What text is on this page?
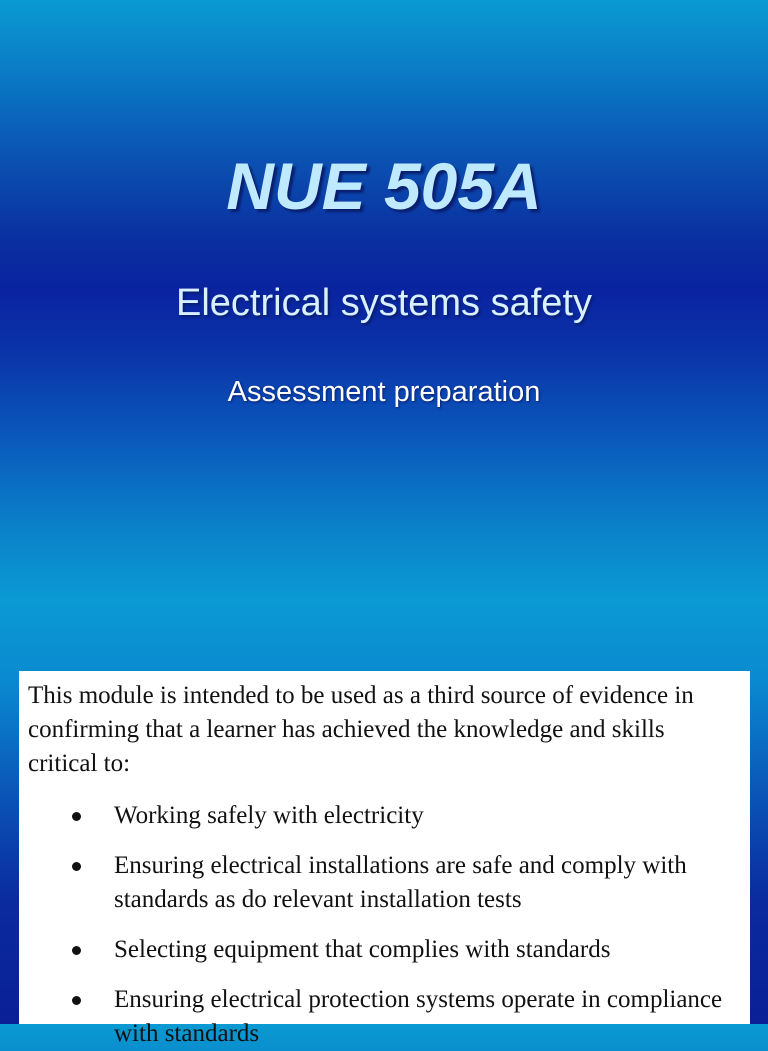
NUE 505A
Electrical systems safety
Assessment preparation
This module is intended to be used as a third source of evidence in confirming that a learner has achieved the knowledge and skills critical to:
Working safely with electricity
Ensuring electrical installations are safe and comply with standards as do relevant installation tests
Selecting equipment that complies with standards
Ensuring electrical protection systems operate in compliance with standards
